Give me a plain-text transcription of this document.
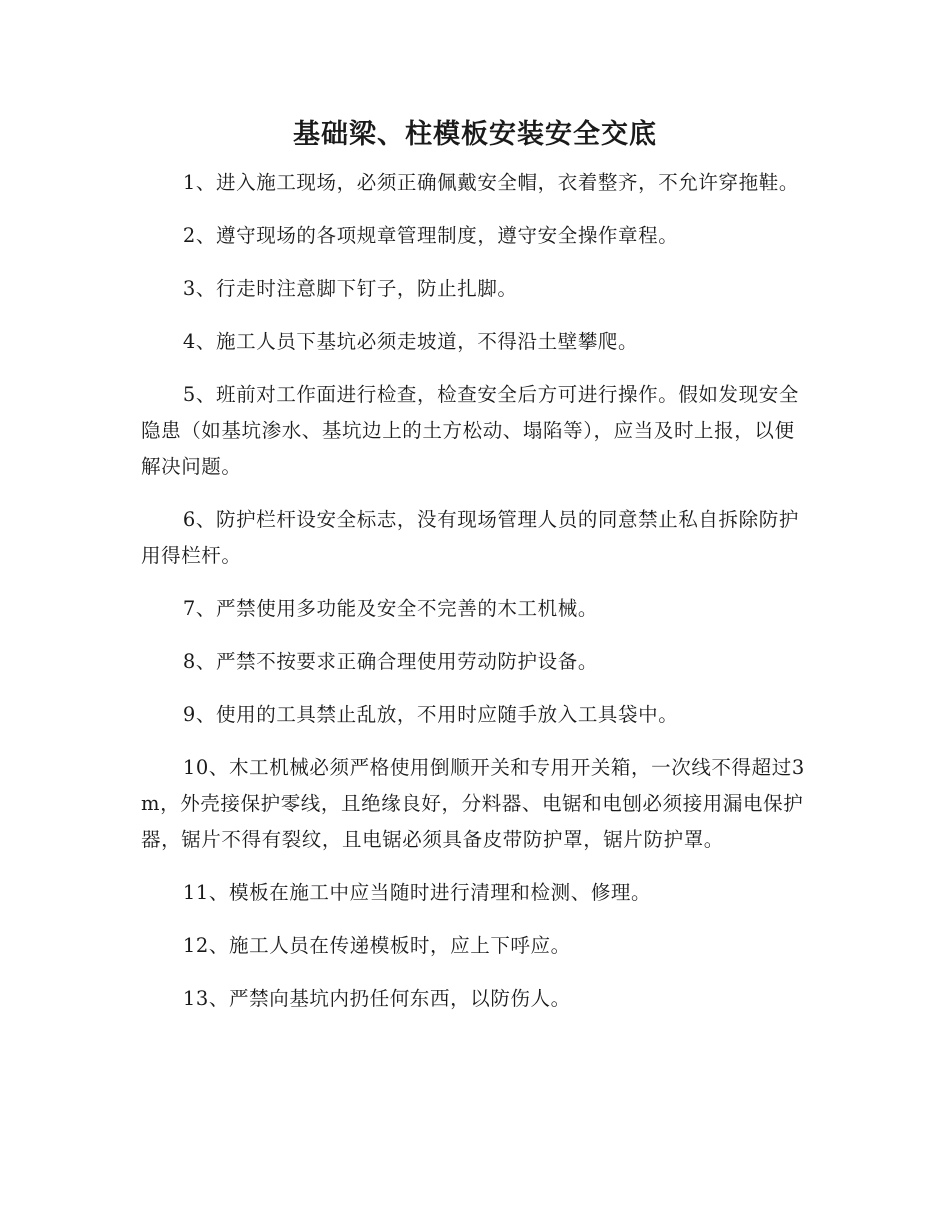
基础梁、柱模板安装安全交底

1、进入施工现场，必须正确佩戴安全帽，衣着整齐，不允许穿拖鞋。

2、遵守现场的各项规章管理制度，遵守安全操作章程。

3、行走时注意脚下钉子，防止扎脚。

4、施工人员下基坑必须走坡道，不得沿土壁攀爬。

5、班前对工作面进行检查，检查安全后方可进行操作。假如发现安全隐患（如基坑渗水、基坑边上的土方松动、塌陷等），应当及时上报，以便解决问题。

6、防护栏杆设安全标志，没有现场管理人员的同意禁止私自拆除防护用得栏杆。

7、严禁使用多功能及安全不完善的木工机械。

8、严禁不按要求正确合理使用劳动防护设备。

9、使用的工具禁止乱放，不用时应随手放入工具袋中。

10、木工机械必须严格使用倒顺开关和专用开关箱，一次线不得超过3m，外壳接保护零线，且绝缘良好，分料器、电锯和电刨必须接用漏电保护器，锯片不得有裂纹，且电锯必须具备皮带防护罩，锯片防护罩。

11、模板在施工中应当随时进行清理和检测、修理。

12、施工人员在传递模板时，应上下呼应。

13、严禁向基坑内扔任何东西，以防伤人。
